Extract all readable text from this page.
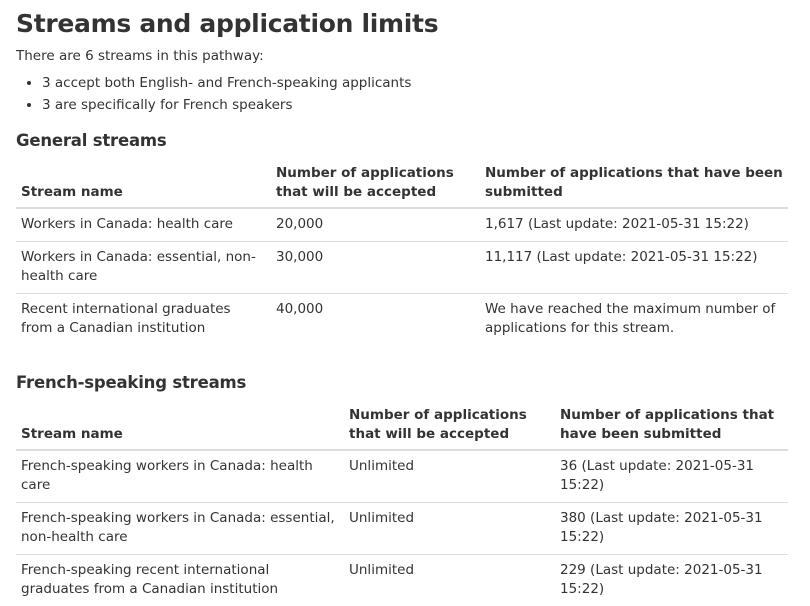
Streams and application limits

There are 6 streams in this pathway:

• 3 accept both English- and French-speaking applicants
• 3 are specifically for French speakers
General streams
Stream name	Number of applications that will be accepted	Number of applications that have been submitted
Workers in Canada: health care	20,000	1,617 (Last update: 2021-05-31 15:22)
Workers in Canada: essential, non-health care	30,000	11,117 (Last update: 2021-05-31 15:22)
Recent international graduates from a Canadian institution	40,000	We have reached the maximum number of applications for this stream.
French-speaking streams
Stream name	Number of applications that will be accepted	Number of applications that have been submitted
French-speaking workers in Canada: health care	Unlimited	36 (Last update: 2021-05-31 15:22)
French-speaking workers in Canada: essential, non-health care	Unlimited	380 (Last update: 2021-05-31 15:22)
French-speaking recent international graduates from a Canadian institution	Unlimited	229 (Last update: 2021-05-31 15:22)
